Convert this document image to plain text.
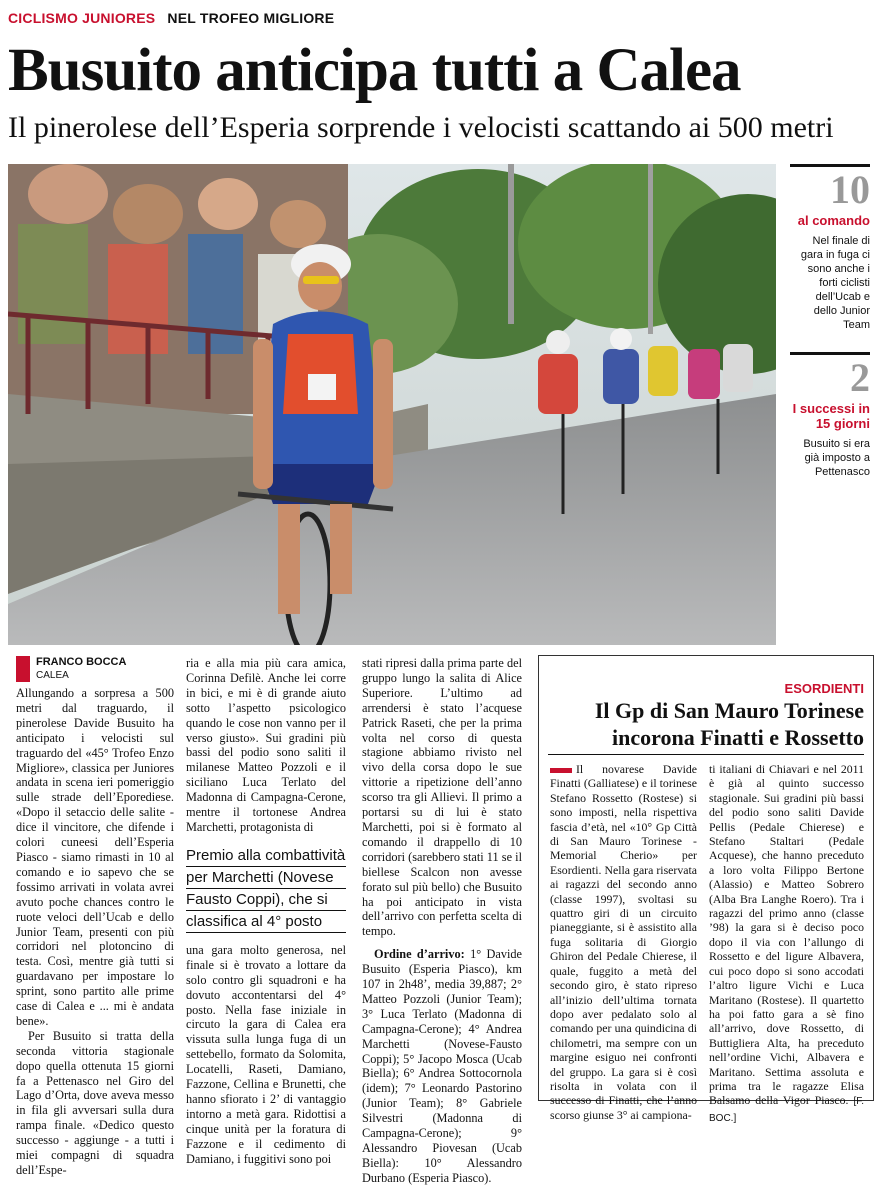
CICLISMO JUNIORES NEL TROFEO MIGLIORE
Busuito anticipa tutti a Calea
Il pinerolese dell’Esperia sorprende i velocisti scattando ai 500 metri
10
al comando
Nel finale di gara in fuga ci sono anche i forti ciclisti dell’Ucab e dello Junior Team
2
I successi in 15 giorni
Busuito si era già imposto a Pettenasco
FRANCO BOCCA
CALEA

Allungando a sorpresa a 500 metri dal traguardo, il pinerolese Davide Busuito ha anticipato i velocisti sul traguardo del «45° Trofeo Enzo Migliore», classica per Juniores andata in scena ieri pomeriggio sulle strade dell’Eporediese. «Dopo il setaccio delle salite - dice il vincitore, che difende i colori cuneesi dell’Esperia Piasco - siamo rimasti in 10 al comando e io sapevo che se fossimo arrivati in volata avrei avuto poche chances contro le ruote veloci dell’Ucab e dello Junior Team, presenti con più corridori nel plotoncino di testa. Così, mentre già tutti si guardavano per impostare lo sprint, sono partito alle prime case di Calea e ... mi è andata bene».

Per Busuito si tratta della seconda vittoria stagionale dopo quella ottenuta 15 giorni fa a Pettenasco nel Giro del Lago d’Orta, dove aveva messo in fila gli avversari sulla dura rampa finale. «Dedico questo successo - aggiunge - a tutti i miei compagni di squadra dell’Espe-

ria e alla mia più cara amica, Corinna Defilè. Anche lei corre in bici, e mi è di grande aiuto sotto l’aspetto psicologico quando le cose non vanno per il verso giusto». Sui gradini più bassi del podio sono saliti il milanese Matteo Pozzoli e il siciliano Luca Terlato del Madonna di Campagna-Cerone, mentre il tortonese Andrea Marchetti, protagonista di

Premio alla combattività
per Marchetti (Novese
Fausto Coppi), che si
classifica al 4° posto

una gara molto generosa, nel finale si è trovato a lottare da solo contro gli squadroni e ha dovuto accontentarsi del 4° posto. Nella fase iniziale in circuto la gara di Calea era vissuta sulla lunga fuga di un settebello, formato da Solomita, Locatelli, Raseti, Damiano, Fazzone, Cellina e Brunetti, che hanno sfiorato i 2’ di vantaggio intorno a metà gara. Ridottisi a cinque unità per la foratura di Fazzone e il cedimento di Damiano, i fuggitivi sono poi

stati ripresi dalla prima parte del gruppo lungo la salita di Alice Superiore. L’ultimo ad arrendersi è stato l’acquese Patrick Raseti, che per la prima volta nel corso di questa stagione abbiamo rivisto nel vivo della corsa dopo le sue vittorie a ripetizione dell’anno scorso tra gli Allievi. Il primo a portarsi su di lui è stato Marchetti, poi si è formato al comando il drappello di 10 corridori (sarebbero stati 11 se il biellese Scalcon non avesse forato sul più bello) che Busuito ha poi anticipato in vista dell’arrivo con perfetta scelta di tempo.

Ordine d’arrivo: 1° Davide Busuito (Esperia Piasco), km 107 in 2h48’, media 39,887; 2° Matteo Pozzoli (Junior Team); 3° Luca Terlato (Madonna di Campagna-Cerone); 4° Andrea Marchetti (Novese-Fausto Coppi); 5° Jacopo Mosca (Ucab Biella); 6° Andrea Sottocornola (idem); 7° Leonardo Pastorino (Junior Team); 8° Gabriele Silvestri (Madonna di Campagna-Cerone); 9° Alessandro Piovesan (Ucab Biella): 10° Alessandro Durbano (Esperia Piasco).

ESORDIENTI
Il Gp di San Mauro Torinese
incorona Finatti e Rossetto

Il novarese Davide Finatti (Galliatese) e il torinese Stefano Rossetto (Rostese) si sono imposti, nella rispettiva fascia d’età, nel «10° Gp Città di San Mauro Torinese - Memorial Cherio» per Esordienti. Nella gara riservata ai ragazzi del secondo anno (classe 1997), svoltasi su quattro giri di un circuito pianeggiante, si è assistito alla fuga solitaria di Giorgio Ghiron del Pedale Chierese, il quale, fuggito a metà del secondo giro, è stato ripreso all’inizio dell’ultima tornata dopo aver pedalato solo al comando per una quindicina di chilometri, ma sempre con un margine esiguo nei confronti del gruppo. La gara si è così risolta in volata con il successo di Finatti, che l’anno scorso giunse 3° ai campiona-

ti italiani di Chiavari e nel 2011 è già al quinto successo stagionale. Sui gradini più bassi del podio sono saliti Davide Pellis (Pedale Chierese) e Stefano Staltari (Pedale Acquese), che hanno preceduto a loro volta Filippo Bertone (Alassio) e Matteo Sobrero (Alba Bra Langhe Roero). Tra i ragazzi del primo anno (classe ’98) la gara si è deciso poco dopo il via con l’allungo di Rossetto e del ligure Albavera, cui poco dopo si sono accodati l’altro ligure Vichi e Luca Maritano (Rostese). Il quartetto ha poi fatto gara a sè fino all’arrivo, dove Rossetto, di Buttigliera Alta, ha preceduto nell’ordine Vichi, Albavera e Maritano. Settima assoluta e prima tra le ragazze Elisa Balsamo della Vigor Piasco. [F. BOC.]
